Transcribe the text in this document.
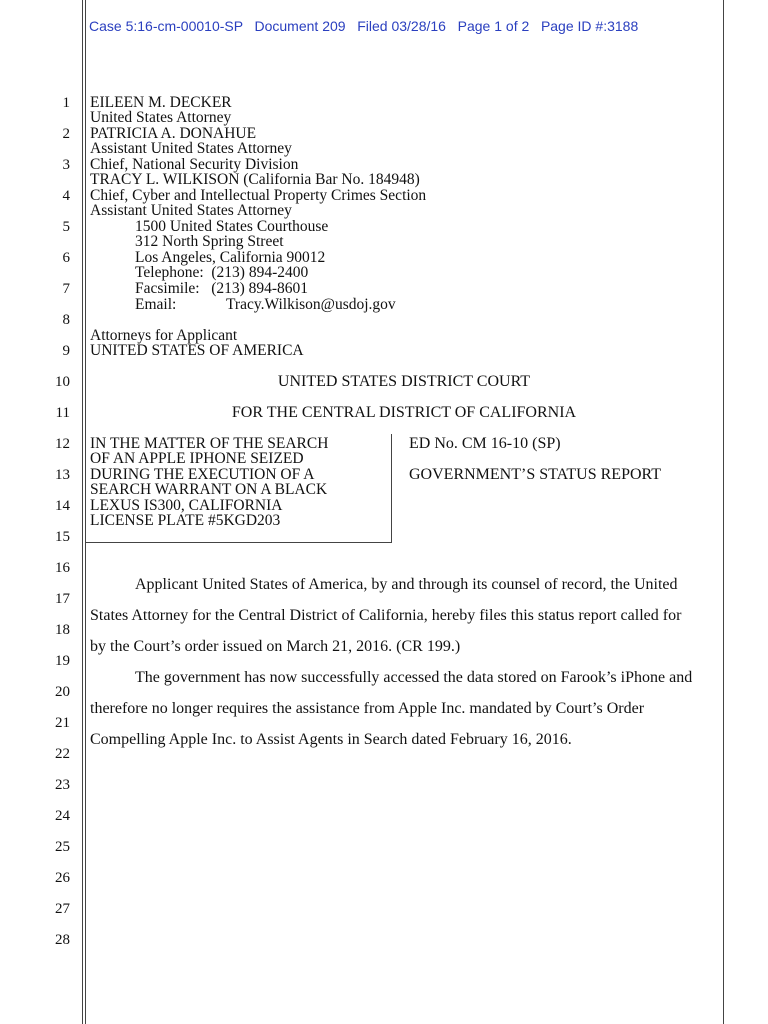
Case 5:16-cm-00010-SP Document 209 Filed 03/28/16 Page 1 of 2 Page ID #:3188
1
2
3
4
5
6
7
8
9
10
11
12
13
14
15
16
17
18
19
20
21
22
23
24
25
26
27
28
EILEEN M. DECKER
United States Attorney
PATRICIA A. DONAHUE
Assistant United States Attorney
Chief, National Security Division
TRACY L. WILKISON (California Bar No. 184948)
Chief, Cyber and Intellectual Property Crimes Section
Assistant United States Attorney
1500 United States Courthouse
312 North Spring Street
Los Angeles, California 90012
Telephone:  (213) 894-2400
Facsimile:   (213) 894-8601
Email:	Tracy.Wilkison@usdoj.gov
Attorneys for Applicant
UNITED STATES OF AMERICA
UNITED STATES DISTRICT COURT
FOR THE CENTRAL DISTRICT OF CALIFORNIA
IN THE MATTER OF THE SEARCH
OF AN APPLE IPHONE SEIZED
DURING THE EXECUTION OF A
SEARCH WARRANT ON A BLACK
LEXUS IS300, CALIFORNIA
LICENSE PLATE #5KGD203
ED No. CM 16-10 (SP)
GOVERNMENT’S STATUS REPORT
Applicant United States of America, by and through its counsel of record, the United States Attorney for the Central District of California, hereby files this status report called for by the Court’s order issued on March 21, 2016. (CR 199.)
The government has now successfully accessed the data stored on Farook’s iPhone and therefore no longer requires the assistance from Apple Inc. mandated by Court’s Order Compelling Apple Inc. to Assist Agents in Search dated February 16, 2016.
